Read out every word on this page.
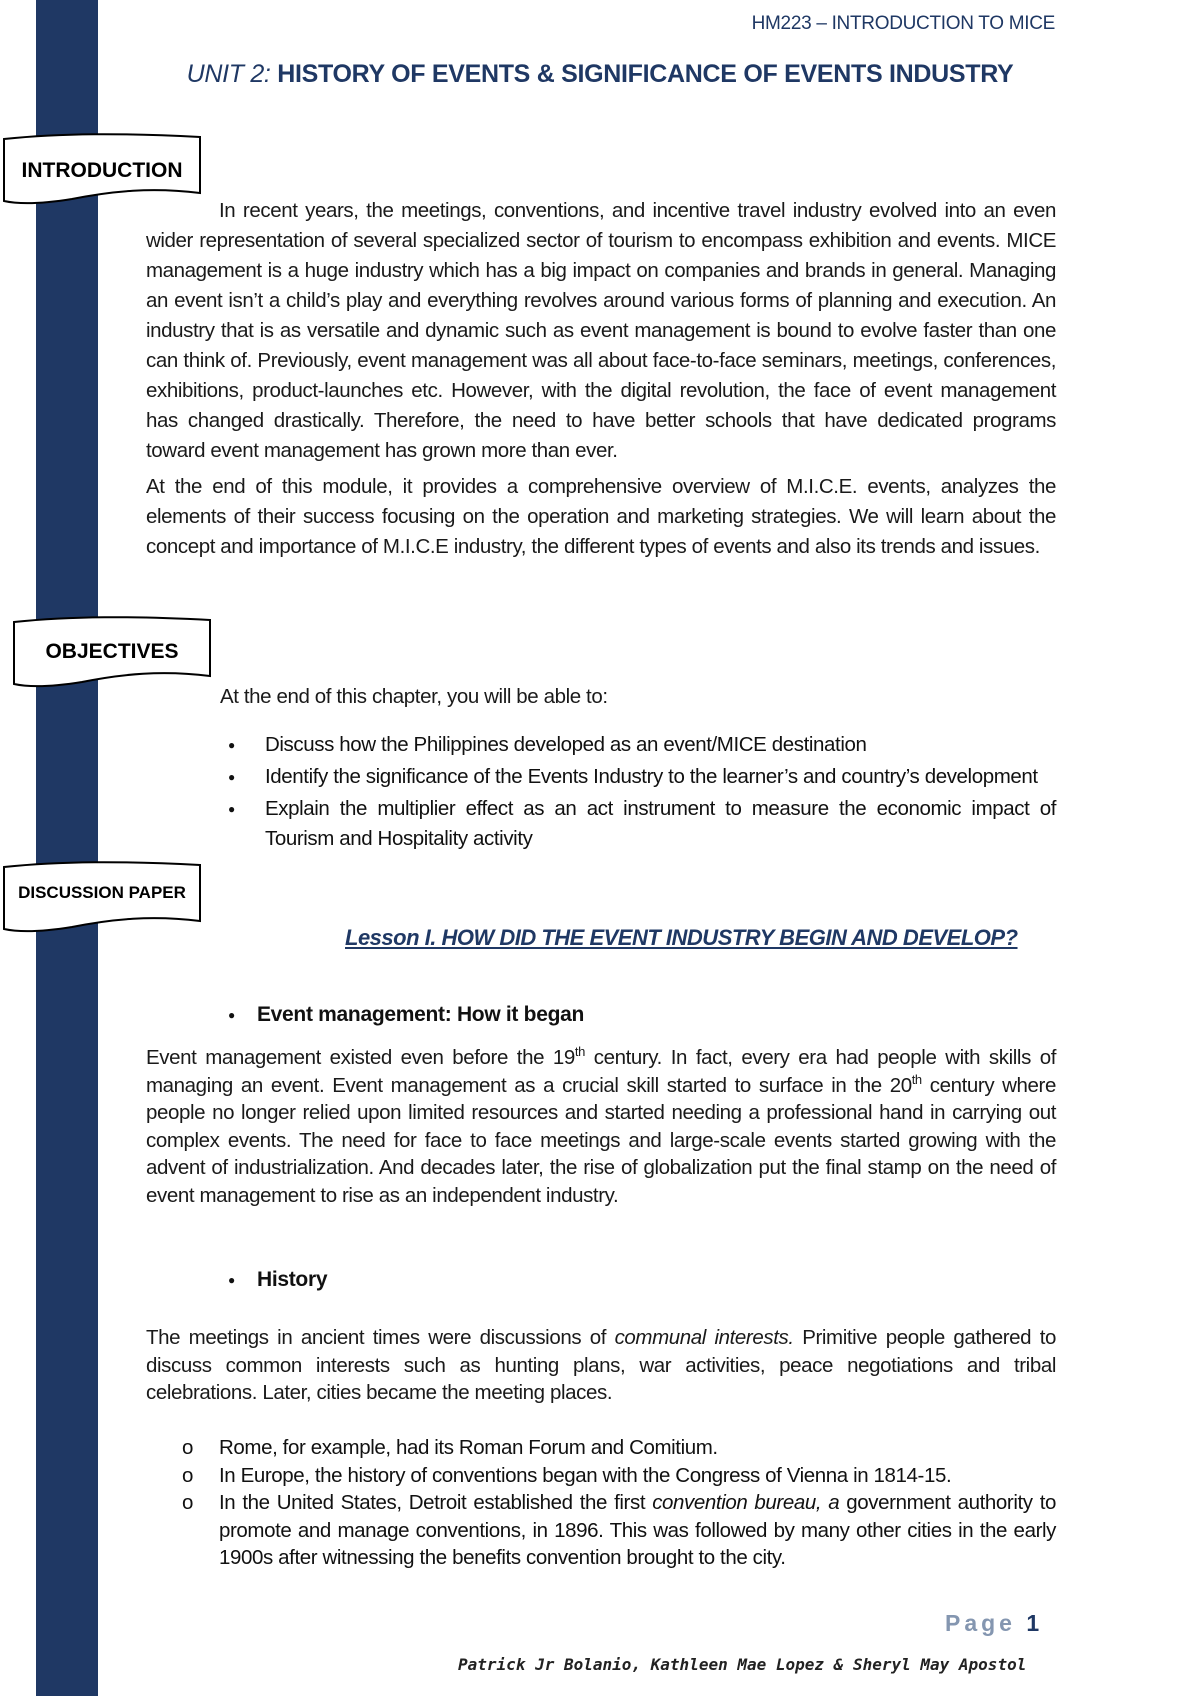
HM223 – INTRODUCTION TO MICE
UNIT 2: HISTORY OF EVENTS & SIGNIFICANCE OF EVENTS INDUSTRY
INTRODUCTION
OBJECTIVES
DISCUSSION PAPER

In recent years, the meetings, conventions, and incentive travel industry evolved into an even wider representation of several specialized sector of tourism to encompass exhibition and events. MICE management is a huge industry which has a big impact on companies and brands in general. Managing an event isn’t a child’s play and everything revolves around various forms of planning and execution. An industry that is as versatile and dynamic such as event management is bound to evolve faster than one can think of. Previously, event management was all about face-to-face seminars, meetings, conferences, exhibitions, product-launches etc. However, with the digital revolution, the face of event management has changed drastically. Therefore, the need to have better schools that have dedicated programs toward event management has grown more than ever.

At the end of this module, it provides a comprehensive overview of M.I.C.E. events, analyzes the elements of their success focusing on the operation and marketing strategies. We will learn about the concept and importance of M.I.C.E industry, the different types of events and also its trends and issues.

At the end of this chapter, you will be able to:
● Discuss how the Philippines developed as an event/MICE destination
● Identify the significance of the Events Industry to the learner’s and country’s development
● Explain the multiplier effect as an act instrument to measure the economic impact of Tourism and Hospitality activity
Lesson I. HOW DID THE EVENT INDUSTRY BEGIN AND DEVELOP?
● Event management: How it began
Event management existed even before the 19th century. In fact, every era had people with skills of managing an event. Event management as a crucial skill started to surface in the 20th century where people no longer relied upon limited resources and started needing a professional hand in carrying out complex events. The need for face to face meetings and large-scale events started growing with the advent of industrialization. And decades later, the rise of globalization put the final stamp on the need of event management to rise as an independent industry.
● History
The meetings in ancient times were discussions of communal interests. Primitive people gathered to discuss common interests such as hunting plans, war activities, peace negotiations and tribal celebrations. Later, cities became the meeting places.
o Rome, for example, had its Roman Forum and Comitium.
o In Europe, the history of conventions began with the Congress of Vienna in 1814-15.
o In the United States, Detroit established the first convention bureau, a government authority to promote and manage conventions, in 1896. This was followed by many other cities in the early 1900s after witnessing the benefits convention brought to the city.
Page 1
Patrick Jr Bolanio, Kathleen Mae Lopez & Sheryl May Apostol
